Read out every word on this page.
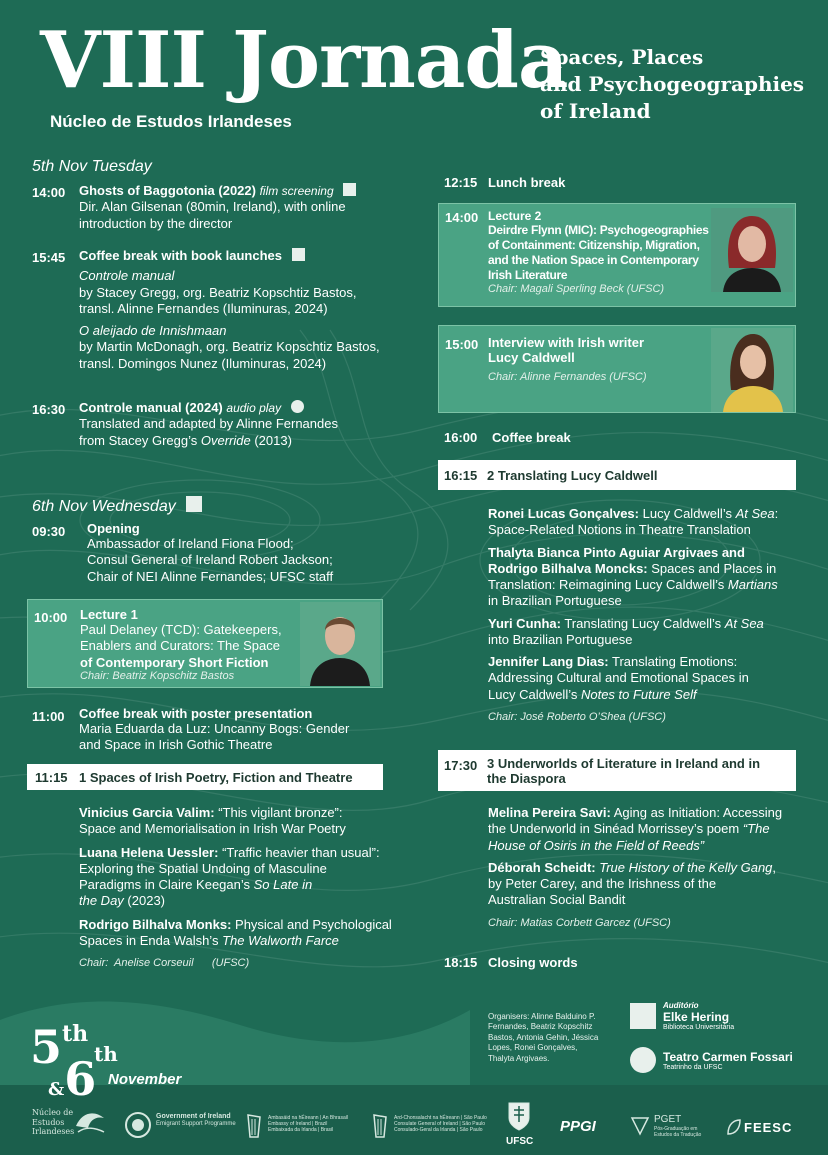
VIII Jornada
Núcleo de Estudos Irlandeses
Spaces, Places
and Psychogeographies
of Ireland
5th Nov Tuesday
14:00	Ghosts of Baggotonia (2022) film screening
Dir. Alan Gilsenan (80min, Ireland), with online
introduction by the director
15:45	Coffee break with book launches
Controle manual
by Stacey Gregg, org. Beatriz Kopschtiz Bastos,
transl. Alinne Fernandes (Iluminuras, 2024)
O aleijado de Innishmaan
by Martin McDonagh, org. Beatriz Kopschtiz Bastos,
transl. Domingos Nunez (Iluminuras, 2024)
16:30	Controle manual (2024) audio play
Translated and adapted by Alinne Fernandes
from Stacey Gregg’s Override (2013)
6th Nov Wednesday
09:30	Opening
Ambassador of Ireland Fiona Flood;
Consul General of Ireland Robert Jackson;
Chair of NEI Alinne Fernandes; UFSC staff
10:00 Lecture 1
Paul Delaney (TCD): Gatekeepers,
Enablers and Curators: The Space
of Contemporary Short Fiction
Chair: Beatriz Kopschitz Bastos
11:00	Coffee break with poster presentation
Maria Eduarda da Luz: Uncanny Bogs: Gender
and Space in Irish Gothic Theatre
11:15 1 Spaces of Irish Poetry, Fiction and Theatre
Vinicius Garcia Valim: “This vigilant bronze”:
Space and Memorialisation in Irish War Poetry
Luana Helena Uessler: “Traffic heavier than usual”:
Exploring the Spatial Undoing of Masculine
Paradigms in Claire Keegan’s So Late in
the Day (2023)
Rodrigo Bilhalva Monks: Physical and Psychological
Spaces in Enda Walsh’s The Walworth Farce
Chair:  Anelise Corseuil      (UFSC)
12:15 Lunch break
14:00 Lecture 2
Deirdre Flynn (MIC): Psychogeographies
of Containment: Citizenship, Migration,
and the Nation Space in Contemporary
Irish Literature
Chair: Magali Sperling Beck (UFSC)
15:00 Interview with Irish writer
Lucy Caldwell
Chair: Alinne Fernandes (UFSC)
16:00	Coffee break
16:15 2 Translating Lucy Caldwell
Ronei Lucas Gonçalves: Lucy Caldwell’s At Sea:
Space-Related Notions in Theatre Translation
Thalyta Bianca Pinto Aguiar Argivaes and
Rodrigo Bilhalva Moncks: Spaces and Places in
Translation: Reimagining Lucy Caldwell’s Martians
in Brazilian Portuguese
Yuri Cunha: Translating Lucy Caldwell’s At Sea
into Brazilian Portuguese
Jennifer Lang Dias: Translating Emotions:
Addressing Cultural and Emotional Spaces in
Lucy Caldwell’s Notes to Future Self
Chair: José Roberto O’Shea (UFSC)
17:30 3 Underworlds of Literature in Ireland and in
the Diaspora
Melina Pereira Savi: Aging as Initiation: Accessing
the Underworld in Sinéad Morrissey’s poem “The
House of Osiris in the Field of Reeds”
Déborah Scheidt: True History of the Kelly Gang,
by Peter Carey, and the Irishness of the
Australian Social Bandit
Chair: Matias Corbett Garcez (UFSC)
18:15 Closing words
5th
&6
th
November
Organisers: Alinne Balduino P.
Fernandes, Beatriz Kopschitz
Bastos, Antonia Gehin, Jéssica
Lopes, Ronei Gonçalves,
Thalyta Argivaes.
Auditório
Elke Hering
Biblioteca Universitária
Teatro Carmen Fossari
Teatrinho da UFSC
Núcleo de
Estudos
Irlandeses
Government of Ireland
Emigrant Support Programme
Ambasáid na hÉireann | An Bhrasaíl
Embassy of Ireland | Brazil
Embaixada da Irlanda | Brasil
Ard-Chonsalacht na hÉireann | São Paulo
Consulate General of Ireland | São Paulo
Consulado-Geral da Irlanda | São Paulo
UFSC
PPGI	PGET
Pós-Graduação em
Estudos da Tradução	FEESC
